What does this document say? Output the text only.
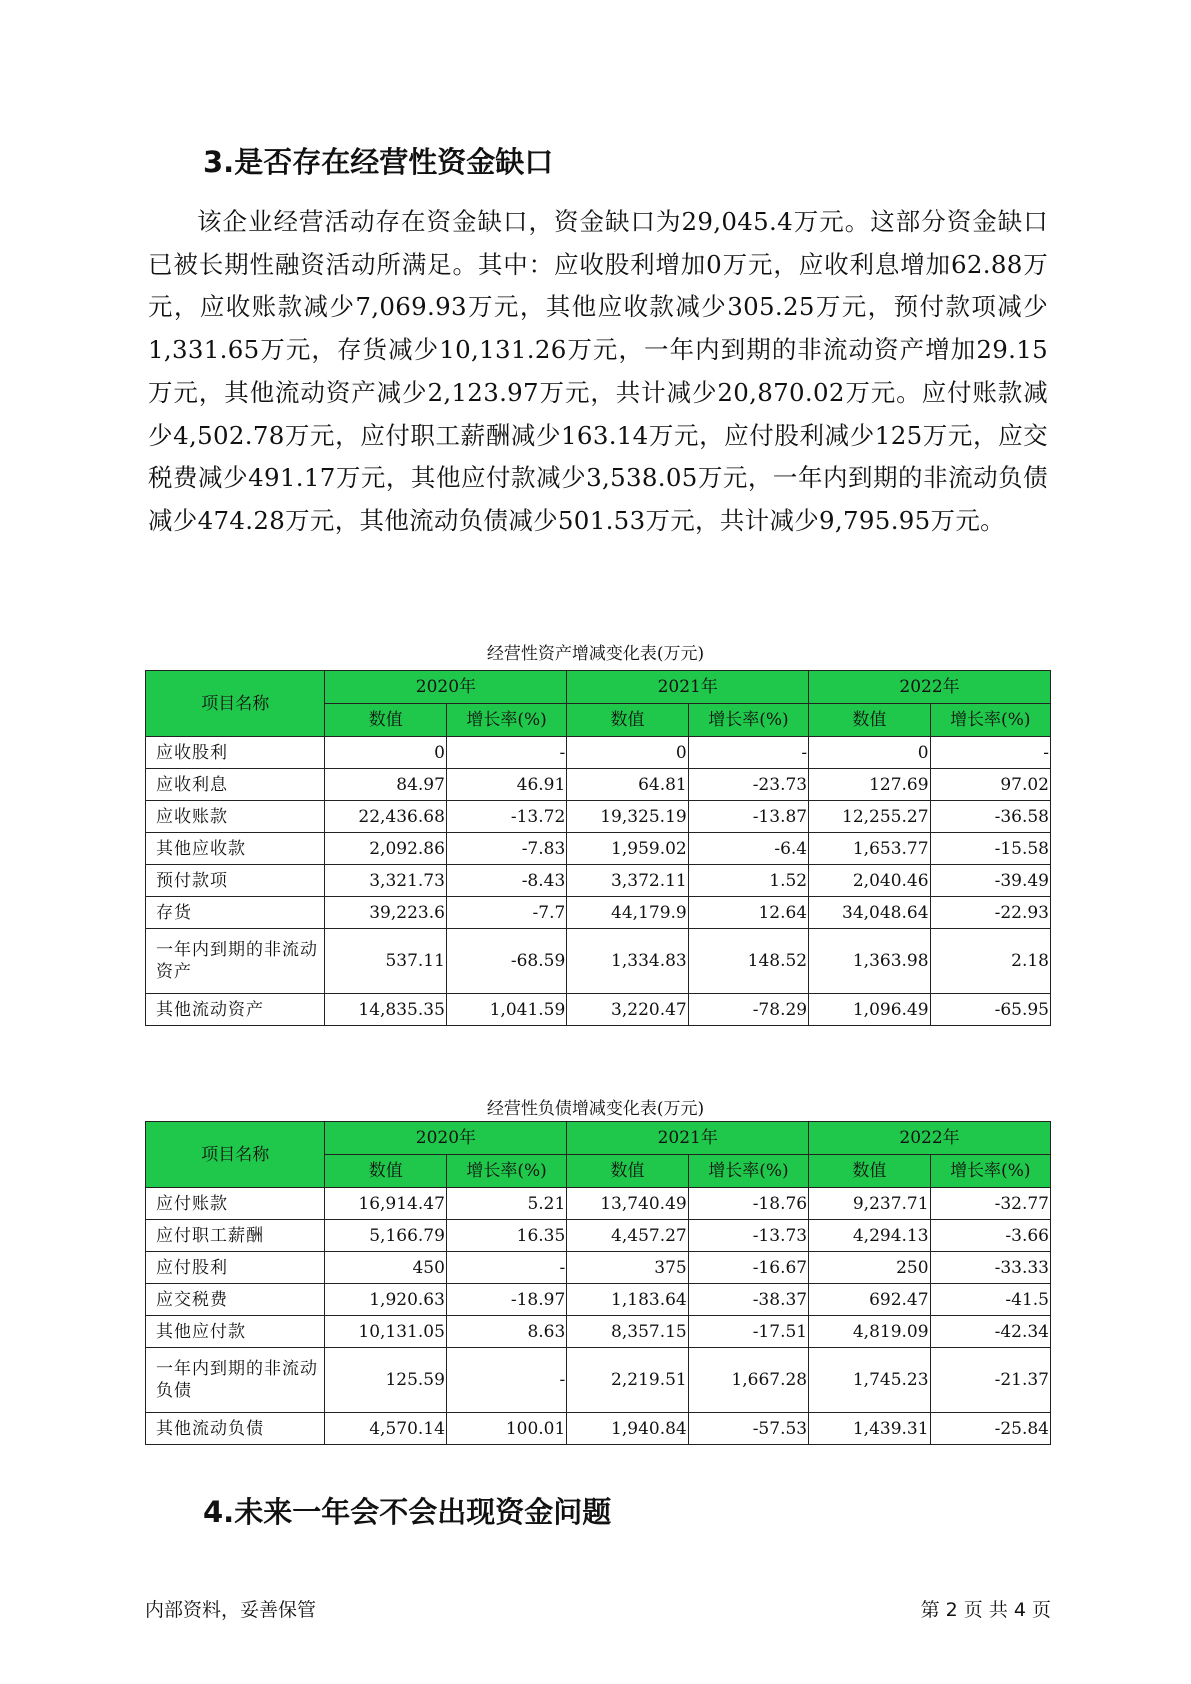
3.是否存在经营性资金缺口

该企业经营活动存在资金缺口，资金缺口为29,045.4万元。这部分资金缺口已被长期性融资活动所满足。其中：应收股利增加0万元，应收利息增加62.88万元，应收账款减少7,069.93万元，其他应收款减少305.25万元，预付款项减少1,331.65万元，存货减少10,131.26万元，一年内到期的非流动资产增加29.15万元，其他流动资产减少2,123.97万元，共计减少20,870.02万元。应付账款减少4,502.78万元，应付职工薪酬减少163.14万元，应付股利减少125万元，应交税费减少491.17万元，其他应付款减少3,538.05万元，一年内到期的非流动负债减少474.28万元，其他流动负债减少501.53万元，共计减少9,795.95万元。

经营性资产增减变化表(万元)

项目名称	2020年		2021年		2022年	
	数值	增长率(%)	数值	增长率(%)	数值	增长率(%)
应收股利	0	-	0	-	0	-
应收利息	84.97	46.91	64.81	-23.73	127.69	97.02
应收账款	22,436.68	-13.72	19,325.19	-13.87	12,255.27	-36.58
其他应收款	2,092.86	-7.83	1,959.02	-6.4	1,653.77	-15.58
预付款项	3,321.73	-8.43	3,372.11	1.52	2,040.46	-39.49
存货	39,223.6	-7.7	44,179.9	12.64	34,048.64	-22.93
一年内到期的非流动资产	537.11	-68.59	1,334.83	148.52	1,363.98	2.18
其他流动资产	14,835.35	1,041.59	3,220.47	-78.29	1,096.49	-65.95

经营性负债增减变化表(万元)

项目名称	2020年		2021年		2022年	
	数值	增长率(%)	数值	增长率(%)	数值	增长率(%)
应付账款	16,914.47	5.21	13,740.49	-18.76	9,237.71	-32.77
应付职工薪酬	5,166.79	16.35	4,457.27	-13.73	4,294.13	-3.66
应付股利	450	-	375	-16.67	250	-33.33
应交税费	1,920.63	-18.97	1,183.64	-38.37	692.47	-41.5
其他应付款	10,131.05	8.63	8,357.15	-17.51	4,819.09	-42.34
一年内到期的非流动负债	125.59	-	2,219.51	1,667.28	1,745.23	-21.37
其他流动负债	4,570.14	100.01	1,940.84	-57.53	1,439.31	-25.84
4.未来一年会不会出现资金问题

内部资料，妥善保管	第 2 页 共 4 页
